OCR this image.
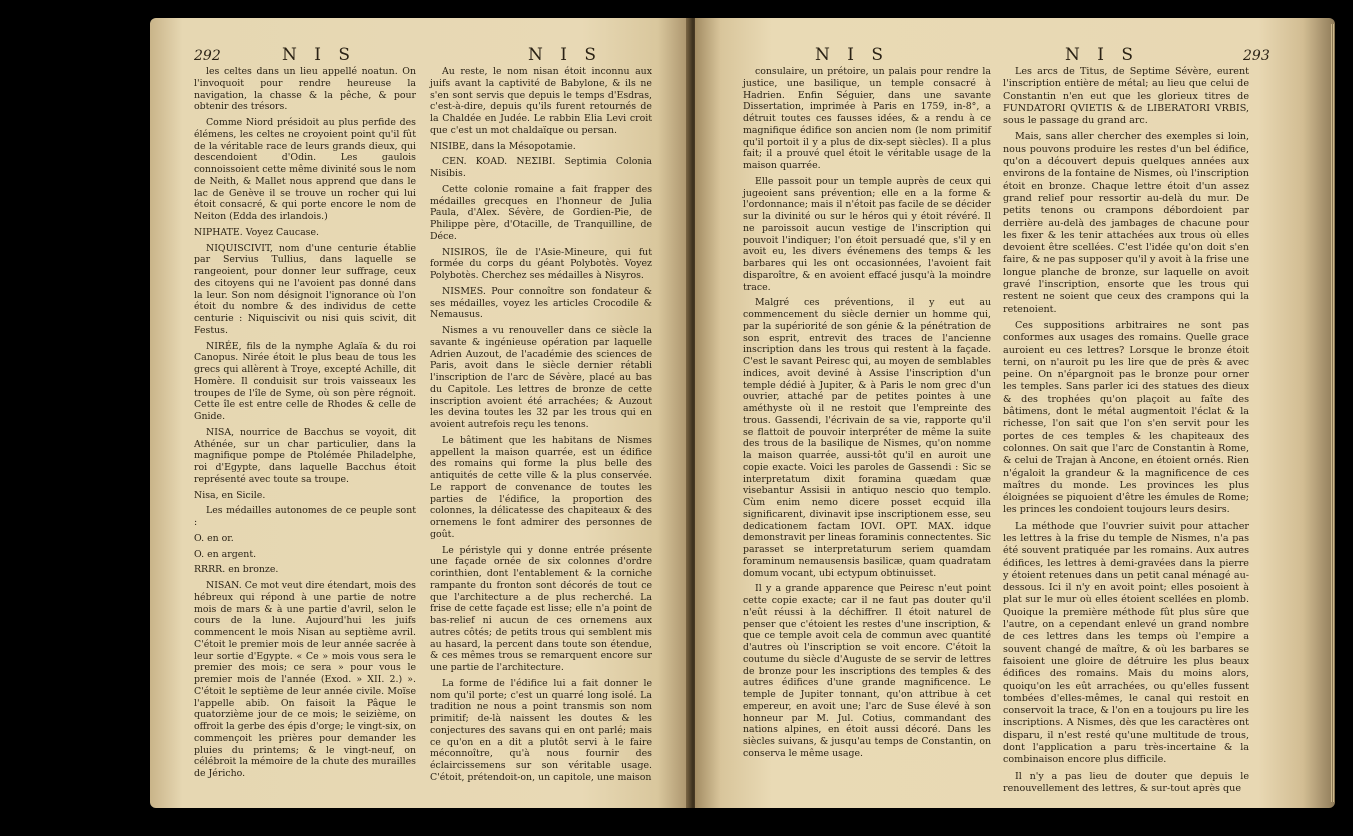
292	N I S	N I S

les celtes dans un lieu appellé noatun. On l'invoquoit pour rendre heureuse la navigation, la chasse & la pêche, & pour obtenir des trésors.

Comme Niord présidoit au plus perfide des élémens, les celtes ne croyoient point qu'il fût de la véritable race de leurs grands dieux, qui descendoient d'Odin. Les gaulois connoissoient cette même divinité sous le nom de Neith, & Mallet nous apprend que dans le lac de Genève il se trouve un rocher qui lui étoit consacré, & qui porte encore le nom de Neiton (Edda des irlandois.)

NIPHATE. Voyez Caucase.

NIQUISCIVIT, nom d'une centurie établie par Servius Tullius, dans laquelle se rangeoient, pour donner leur suffrage, ceux des citoyens qui ne l'avoient pas donné dans la leur. Son nom désignoit l'ignorance où l'on étoit du nombre & des individus de cette centurie : Niquiscivit ou nisi quis scivit, dit Festus.

NIRÉE, fils de la nymphe Aglaïa & du roi Canopus. Nirée étoit le plus beau de tous les grecs qui allèrent à Troye, excepté Achille, dit Homère. Il conduisit sur trois vaisseaux les troupes de l'île de Syme, où son père régnoit. Cette île est entre celle de Rhodes & celle de Gnide.

NISA, nourrice de Bacchus se voyoit, dit Athénée, sur un char particulier, dans la magnifique pompe de Ptolémée Philadelphe, roi d'Egypte, dans laquelle Bacchus étoit représenté avec toute sa troupe.

Nisa, en Sicile.

Les médailles autonomes de ce peuple sont :

O. en or.

O. en argent.

RRRR. en bronze.

NISAN. Ce mot veut dire étendart, mois des hébreux qui répond à une partie de notre mois de mars & à une partie d'avril, selon le cours de la lune. Aujourd'hui les juifs commencent le mois Nisan au septième avril. C'étoit le premier mois de leur année sacrée à leur sortie d'Egypte. « Ce » mois vous sera le premier des mois; ce sera » pour vous le premier mois de l'année (Exod. » XII. 2.) ». C'étoit le septième de leur année civile. Moïse l'appelle abib. On faisoit la Pâque le quatorzième jour de ce mois; le seizième, on offroit la gerbe des épis d'orge; le vingt-six, on commençoit les prières pour demander les pluies du printems; & le vingt-neuf, on célébroit la mémoire de la chute des murailles de Jéricho.

Au reste, le nom nisan étoit inconnu aux juifs avant la captivité de Babylone, & ils ne s'en sont servis que depuis le temps d'Esdras, c'est-à-dire, depuis qu'ils furent retournés de la Chaldée en Judée. Le rabbin Elia Levi croit que c'est un mot chaldaïque ou persan.

NISIBE, dans la Mésopotamie.

CEN. KOAD. ΝΕΣΙΒΙ. Septimia Colonia Nisibis.

Cette colonie romaine a fait frapper des médailles grecques en l'honneur de Julia Paula, d'Alex. Sévère, de Gordien-Pie, de Philippe père, d'Otacille, de Tranquilline, de Déce.

NISIROS, île de l'Asie-Mineure, qui fut formée du corps du géant Polybotès. Voyez Polybotès. Cherchez ses médailles à Nisyros.

NISMES. Pour connoître son fondateur & ses médailles, voyez les articles Crocodile & Nemausus.

Nismes a vu renouveller dans ce siècle la savante & ingénieuse opération par laquelle Adrien Auzout, de l'académie des sciences de Paris, avoit dans le siècle dernier rétabli l'inscription de l'arc de Sévère, placé au bas du Capitole. Les lettres de bronze de cette inscription avoient été arrachées; & Auzout les devina toutes les 32 par les trous qui en avoient autrefois reçu les tenons.

Le bâtiment que les habitans de Nismes appellent la maison quarrée, est un édifice des romains qui forme la plus belle des antiquités de cette ville & la plus conservée. Le rapport de convenance de toutes les parties de l'édifice, la proportion des colonnes, la délicatesse des chapiteaux & des ornemens le font admirer des personnes de goût.

Le péristyle qui y donne entrée présente une façade ornée de six colonnes d'ordre corinthien, dont l'entablement & la corniche rampante du fronton sont décorés de tout ce que l'architecture a de plus recherché. La frise de cette façade est lisse; elle n'a point de bas-relief ni aucun de ces ornemens aux autres côtés; de petits trous qui semblent mis au hasard, la percent dans toute son étendue, & ces mêmes trous se remarquent encore sur une partie de l'architecture.

La forme de l'édifice lui a fait donner le nom qu'il porte; c'est un quarré long isolé. La tradition ne nous a point transmis son nom primitif; de-là naissent les doutes & les conjectures des savans qui en ont parlé; mais ce qu'on en a dit a plutôt servi à le faire méconnoître, qu'à nous fournir des éclaircissemens sur son véritable usage. C'étoit, prétendoit-on, un capitole, une maison

N I S	N I S	293

consulaire, un prétoire, un palais pour rendre la justice, une basilique, un temple consacré à Hadrien. Enfin Séguier, dans une savante Dissertation, imprimée à Paris en 1759, in-8°, a détruit toutes ces fausses idées, & a rendu à ce magnifique édifice son ancien nom (le nom primitif qu'il portoit il y a plus de dix-sept siècles). Il a plus fait; il a prouvé quel étoit le véritable usage de la maison quarrée.

Elle passoit pour un temple auprès de ceux qui jugeoient sans prévention; elle en a la forme & l'ordonnance; mais il n'étoit pas facile de se décider sur la divinité ou sur le héros qui y étoit révéré. Il ne paroissoit aucun vestige de l'inscription qui pouvoit l'indiquer; l'on étoit persuadé que, s'il y en avoit eu, les divers événemens des temps & les barbares qui les ont occasionnées, l'avoient fait disparoître, & en avoient effacé jusqu'à la moindre trace.

Malgré ces préventions, il y eut au commencement du siècle dernier un homme qui, par la supériorité de son génie & la pénétration de son esprit, entrevit des traces de l'ancienne inscription dans les trous qui restent à la façade. C'est le savant Peiresc qui, au moyen de semblables indices, avoit deviné à Assise l'inscription d'un temple dédié à Jupiter, & à Paris le nom grec d'un ouvrier, attaché par de petites pointes à une améthyste où il ne restoit que l'empreinte des trous. Gassendi, l'écrivain de sa vie, rapporte qu'il se flattoit de pouvoir interpréter de même la suite des trous de la basilique de Nismes, qu'on nomme la maison quarrée, aussi-tôt qu'il en auroit une copie exacte. Voici les paroles de Gassendi : Sic se interpretatum dixit foramina quædam quæ visebantur Assisii in antiquo nescio quo templo. Cùm enim nemo dicere posset ecquid illa significarent, divinavit ipse inscriptionem esse, seu dedicationem factam IOVI. OPT. MAX. idque demonstravit per lineas foraminis connectentes. Sic parasset se interpretaturum seriem quamdam foraminum nemausensis basilicæ, quam quadratam domum vocant, ubi ectypum obtinuisset.

Il y a grande apparence que Peiresc n'eut point cette copie exacte; car il ne faut pas douter qu'il n'eût réussi à la déchiffrer. Il étoit naturel de penser que c'étoient les restes d'une inscription, & que ce temple avoit cela de commun avec quantité d'autres où l'inscription se voit encore. C'étoit la coutume du siècle d'Auguste de se servir de lettres de bronze pour les inscriptions des temples & des autres édifices d'une grande magnificence. Le temple de Jupiter tonnant, qu'on attribue à cet empereur, en avoit une; l'arc de Suse élevé à son honneur par M. Jul. Cotius, commandant des nations alpines, en étoit aussi décoré. Dans les siècles suivans, & jusqu'au temps de Constantin, on conserva le même usage.

Les arcs de Titus, de Septime Sévère, eurent l'inscription entière de métal; au lieu que celui de Constantin n'en eut que les glorieux titres de FUNDATORI QVIETIS & de LIBERATORI VRBIS, sous le passage du grand arc.

Mais, sans aller chercher des exemples si loin, nous pouvons produire les restes d'un bel édifice, qu'on a découvert depuis quelques années aux environs de la fontaine de Nismes, où l'inscription étoit en bronze. Chaque lettre étoit d'un assez grand relief pour ressortir au-delà du mur. De petits tenons ou crampons débordoient par derrière au-delà des jambages de chacune pour les fixer & les tenir attachées aux trous où elles devoient être scellées. C'est l'idée qu'on doit s'en faire, & ne pas supposer qu'il y avoit à la frise une longue planche de bronze, sur laquelle on avoit gravé l'inscription, ensorte que les trous qui restent ne soient que ceux des crampons qui la retenoient.

Ces suppositions arbitraires ne sont pas conformes aux usages des romains. Quelle grace auroient eu ces lettres? Lorsque le bronze étoit terni, on n'auroit pu les lire que de près & avec peine. On n'épargnoit pas le bronze pour orner les temples. Sans parler ici des statues des dieux & des trophées qu'on plaçoit au faîte des bâtimens, dont le métal augmentoit l'éclat & la richesse, l'on sait que l'on s'en servit pour les portes de ces temples & les chapiteaux des colonnes. On sait que l'arc de Constantin à Rome, & celui de Trajan à Ancone, en étoient ornés. Rien n'égaloit la grandeur & la magnificence de ces maîtres du monde. Les provinces les plus éloignées se piquoient d'être les émules de Rome; les princes les condoient toujours leurs desirs.

La méthode que l'ouvrier suivit pour attacher les lettres à la frise du temple de Nismes, n'a pas été souvent pratiquée par les romains. Aux autres édifices, les lettres à demi-gravées dans la pierre y étoient retenues dans un petit canal ménagé au-dessous. Ici il n'y en avoit point; elles posoient à plat sur le mur où elles étoient scellées en plomb. Quoique la première méthode fût plus sûre que l'autre, on a cependant enlevé un grand nombre de ces lettres dans les temps où l'empire a souvent changé de maître, & où les barbares se faisoient une gloire de détruire les plus beaux édifices des romains. Mais du moins alors, quoiqu'on les eût arrachées, ou qu'elles fussent tombées d'elles-mêmes, le canal qui restoit en conservoit la trace, & l'on en a toujours pu lire les inscriptions. A Nismes, dès que les caractères ont disparu, il n'est resté qu'une multitude de trous, dont l'application a paru très-incertaine & la combinaison encore plus difficile.

Il n'y a pas lieu de douter que depuis le renouvellement des lettres, & sur-tout après que
